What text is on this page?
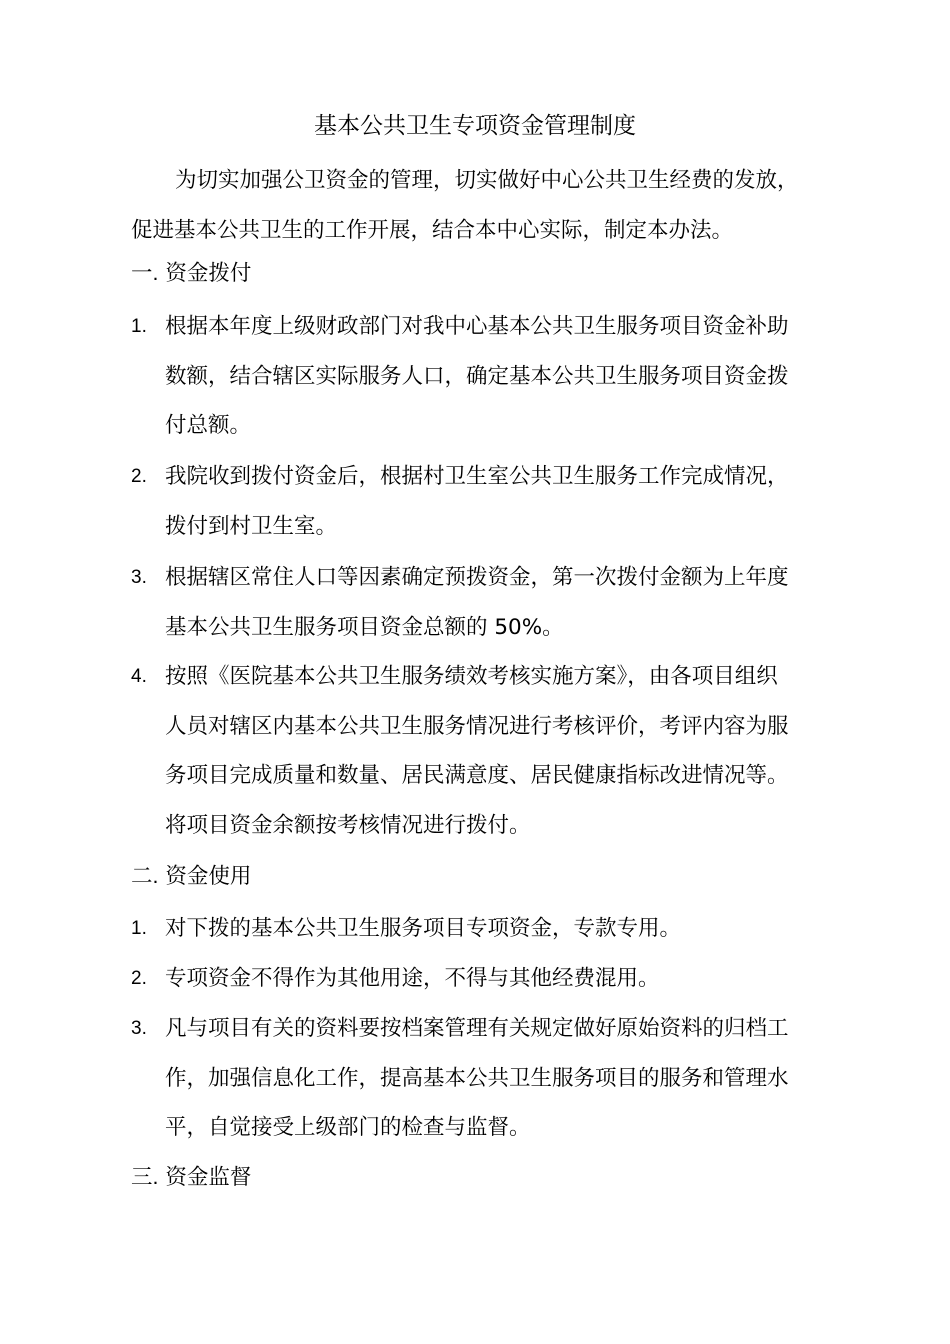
基本公共卫生专项资金管理制度

为切实加强公卫资金的管理，切实做好中心公共卫生经费的发放，

促进基本公共卫生的工作开展，结合本中心实际，制定本办法。

一. 资金拨付
1. 根据本年度上级财政部门对我中心基本公共卫生服务项目资金补助
数额，结合辖区实际服务人口，确定基本公共卫生服务项目资金拨
付总额。
2. 我院收到拨付资金后，根据村卫生室公共卫生服务工作完成情况，
拨付到村卫生室。
3. 根据辖区常住人口等因素确定预拨资金，第一次拨付金额为上年度
基本公共卫生服务项目资金总额的 50%。
4. 按照《医院基本公共卫生服务绩效考核实施方案》，由各项目组织
人员对辖区内基本公共卫生服务情况进行考核评价，考评内容为服
务项目完成质量和数量、居民满意度、居民健康指标改进情况等。
将项目资金余额按考核情况进行拨付。
二. 资金使用
1. 对下拨的基本公共卫生服务项目专项资金，专款专用。
2. 专项资金不得作为其他用途，不得与其他经费混用。
3. 凡与项目有关的资料要按档案管理有关规定做好原始资料的归档工
作，加强信息化工作，提高基本公共卫生服务项目的服务和管理水
平，自觉接受上级部门的检查与监督。
三. 资金监督
